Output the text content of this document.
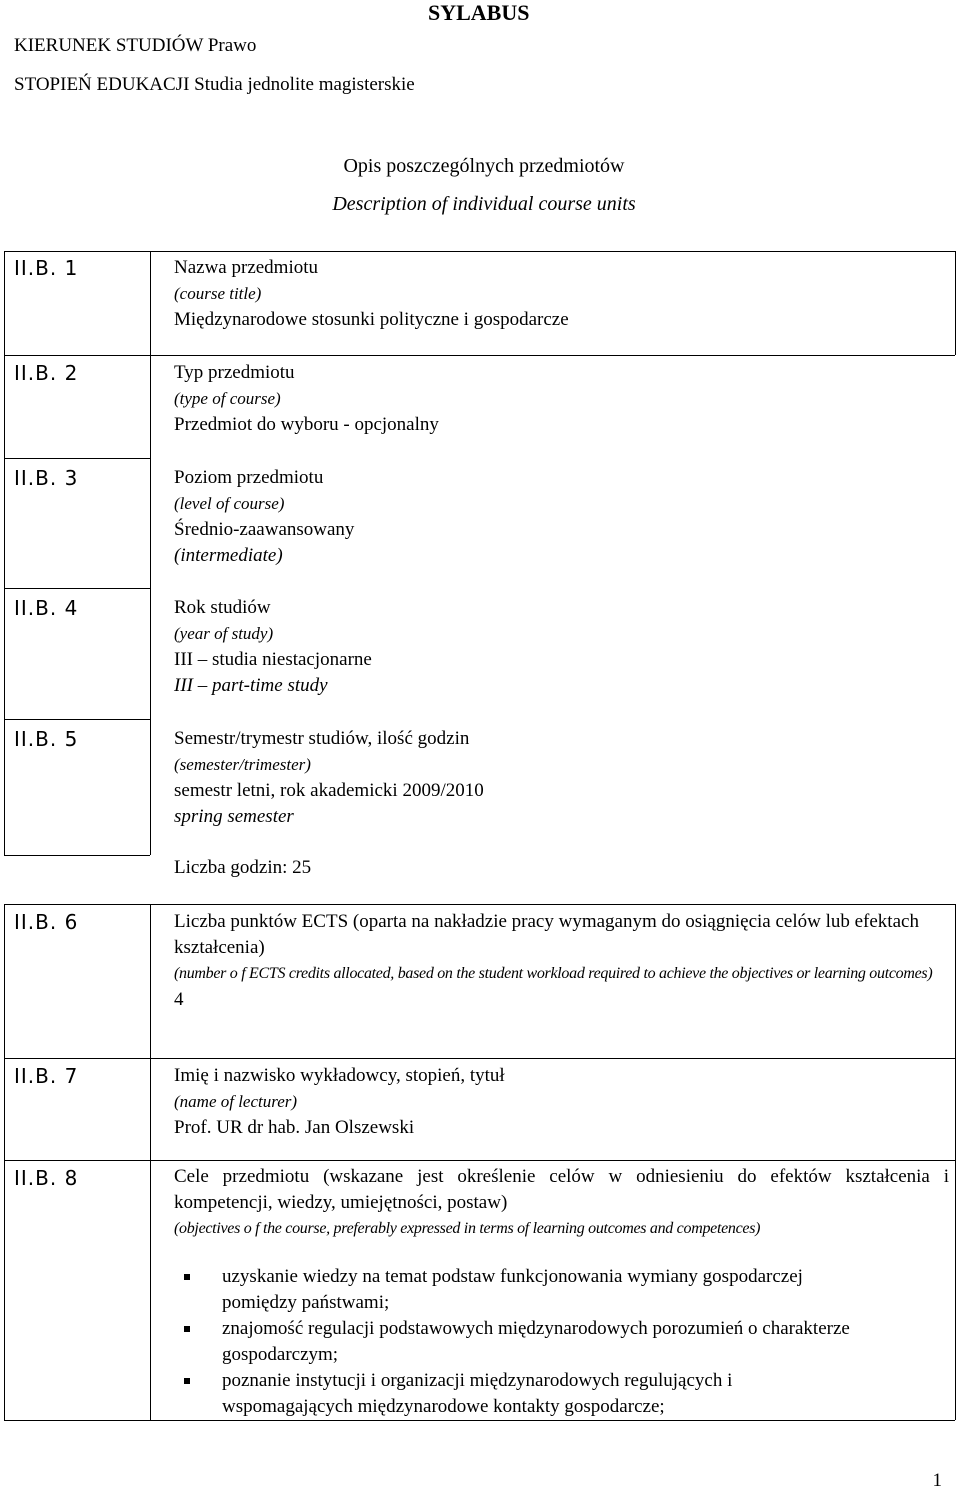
SYLABUS
KIERUNEK STUDIÓW Prawo
STOPIEŃ EDUKACJI Studia jednolite magisterskie
Opis poszczególnych przedmiotów
Description of individual course units
II.B. 1
II.B. 2
II.B. 3
II.B. 4
II.B. 5
II.B. 6
II.B. 7
II.B. 8
Nazwa przedmiotu
(course title)
Międzynarodowe stosunki polityczne i gospodarcze
Typ przedmiotu
(type of course)
Przedmiot do wyboru - opcjonalny
Poziom przedmiotu
(level of course)
Średnio-zaawansowany
(intermediate)
Rok studiów
(year of study)
III – studia niestacjonarne
III – part-time study
Semestr/trymestr studiów, ilość godzin
(semester/trimester)
semestr letni, rok akademicki 2009/2010
spring semester
Liczba godzin: 25
Liczba punktów ECTS (oparta na nakładzie pracy wymaganym do osiągnięcia celów lub efektach kształcenia)
(number o f ECTS credits allocated, based on the student workload required to achieve the objectives or learning outcomes)
4
Imię i nazwisko wykładowcy, stopień, tytuł
(name of lecturer)
Prof. UR dr hab. Jan Olszewski
Cele przedmiotu (wskazane jest określenie celów w odniesieniu do efektów kształcenia i kompetencji, wiedzy, umiejętności, postaw)
(objectives o f the course, preferably expressed in terms of learning outcomes and competences)
uzyskanie wiedzy na temat podstaw funkcjonowania wymiany gospodarczej pomiędzy państwami;
znajomość regulacji podstawowych międzynarodowych porozumień o charakterze gospodarczym;
poznanie instytucji i organizacji międzynarodowych regulujących i wspomagających międzynarodowe kontakty gospodarcze;
1
